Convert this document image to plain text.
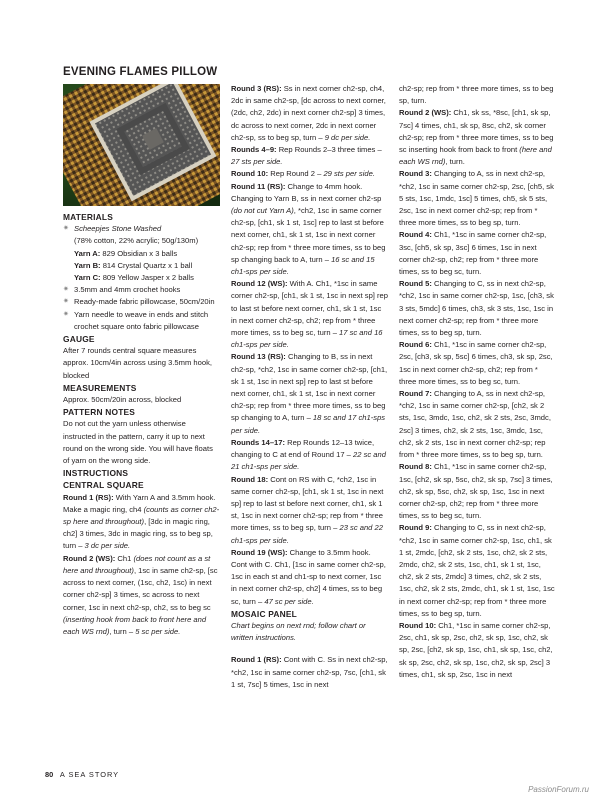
EVENING FLAMES PILLOW

MATERIALS

✷ Scheepjes Stone Washed

(78% cotton, 22% acrylic; 50g/130m)

Yarn A: 829 Obsidian x 3 balls

Yarn B: 814 Crystal Quartz x 1 ball

Yarn C: 809 Yellow Jasper x 2 balls

✷ 3.5mm and 4mm crochet hooks

✷ Ready-made fabric pillowcase, 50cm/20in

✷ Yarn needle to weave in ends and stitch crochet square onto fabric pillowcase

GAUGE

After 7 rounds central square measures approx. 10cm/4in across using 3.5mm hook, blocked

MEASUREMENTS

Approx. 50cm/20in across, blocked

PATTERN NOTES

Do not cut the yarn unless otherwise instructed in the pattern, carry it up to next round on the wrong side. You will have floats of yarn on the wrong side.

INSTRUCTIONS

CENTRAL SQUARE

Round 1 (RS): With Yarn A and 3.5mm hook. Make a magic ring, ch4 (counts as corner ch2-sp here and throughout), [3dc in magic ring, ch2] 3 times, 3dc in magic ring, ss to beg sp, turn – 3 dc per side.

Round 2 (WS): Ch1 (does not count as a st here and throughout), 1sc in same ch2-sp, [sc across to next corner, (1sc, ch2, 1sc) in next corner ch2-sp] 3 times, sc across to next corner, 1sc in next ch2-sp, ch2, ss to beg sc (inserting hook from back to front here and each WS rnd), turn – 5 sc per side.

Round 3 (RS): Ss in next corner ch2-sp, ch4, 2dc in same ch2-sp, [dc across to next corner, (2dc, ch2, 2dc) in next corner ch2-sp] 3 times, dc across to next corner, 2dc in next corner ch2-sp, ss to beg sp, turn – 9 dc per side.

Rounds 4–9: Rep Rounds 2–3 three times – 27 sts per side.

Round 10: Rep Round 2 – 29 sts per side.

Round 11 (RS): Change to 4mm hook. Changing to Yarn B, ss in next corner ch2-sp (do not cut Yarn A), *ch2, 1sc in same corner ch2-sp, [ch1, sk 1 st, 1sc] rep to last st before next corner, ch1, sk 1 st, 1sc in next corner ch2-sp; rep from * three more times, ss to beg sp changing back to A, turn – 16 sc and 15 ch1-sps per side.

Round 12 (WS): With A. Ch1, *1sc in same corner ch2-sp, [ch1, sk 1 st, 1sc in next sp] rep to last st before next corner, ch1, sk 1 st, 1sc in next corner ch2-sp, ch2; rep from * three more times, ss to beg sc, turn – 17 sc and 16 ch1-sps per side.

Round 13 (RS): Changing to B, ss in next ch2-sp, *ch2, 1sc in same corner ch2-sp, [ch1, sk 1 st, 1sc in next sp] rep to last st before next corner, ch1, sk 1 st, 1sc in next corner ch2-sp; rep from * three more times, ss to beg sp changing to A, turn – 18 sc and 17 ch1-sps per side.

Rounds 14–17: Rep Rounds 12–13 twice, changing to C at end of Round 17 – 22 sc and 21 ch1-sps per side.

Round 18: Cont on RS with C, *ch2, 1sc in same corner ch2-sp, [ch1, sk 1 st, 1sc in next sp] rep to last st before next corner, ch1, sk 1 st, 1sc in next corner ch2-sp; rep from * three more times, ss to beg sp, turn – 23 sc and 22 ch1-sps per side.

Round 19 (WS): Change to 3.5mm hook. Cont with C. Ch1, [1sc in same corner ch2-sp, 1sc in each st and ch1-sp to next corner, 1sc in next corner ch2-sp, ch2] 4 times, ss to beg sc, turn – 47 sc per side.

MOSAIC PANEL

Chart begins on next rnd; follow chart or written instructions.

Round 1 (RS): Cont with C. Ss in next ch2-sp, *ch2, 1sc in same corner ch2-sp, 7sc, [ch1, sk 1 st, 7sc] 5 times, 1sc in next

ch2-sp; rep from * three more times, ss to beg sp, turn.

Round 2 (WS): Ch1, sk ss, *8sc, [ch1, sk sp, 7sc] 4 times, ch1, sk sp, 8sc, ch2, sk corner ch2-sp; rep from * three more times, ss to beg sc inserting hook from back to front (here and each WS rnd), turn.

Round 3: Changing to A, ss in next ch2-sp, *ch2, 1sc in same corner ch2-sp, 2sc, [ch5, sk 5 sts, 1sc, 1mdc, 1sc] 5 times, ch5, sk 5 sts, 2sc, 1sc in next corner ch2-sp; rep from * three more times, ss to beg sp, turn.

Round 4: Ch1, *1sc in same corner ch2-sp, 3sc, [ch5, sk sp, 3sc] 6 times, 1sc in next corner ch2-sp, ch2; rep from * three more times, ss to beg sc, turn.

Round 5: Changing to C, ss in next ch2-sp, *ch2, 1sc in same corner ch2-sp, 1sc, [ch3, sk 3 sts, 5mdc] 6 times, ch3, sk 3 sts, 1sc, 1sc in next corner ch2-sp; rep from * three more times, ss to beg sp, turn.

Round 6: Ch1, *1sc in same corner ch2-sp, 2sc, [ch3, sk sp, 5sc] 6 times, ch3, sk sp, 2sc, 1sc in next corner ch2-sp, ch2; rep from * three more times, ss to beg sc, turn.

Round 7: Changing to A, ss in next ch2-sp, *ch2, 1sc in same corner ch2-sp, [ch2, sk 2 sts, 1sc, 3mdc, 1sc, ch2, sk 2 sts, 2sc, 3mdc, 2sc] 3 times, ch2, sk 2 sts, 1sc, 3mdc, 1sc, ch2, sk 2 sts, 1sc in next corner ch2-sp; rep from * three more times, ss to beg sp, turn.

Round 8: Ch1, *1sc in same corner ch2-sp, 1sc, [ch2, sk sp, 5sc, ch2, sk sp, 7sc] 3 times, ch2, sk sp, 5sc, ch2, sk sp, 1sc, 1sc in next corner ch2-sp, ch2; rep from * three more times, ss to beg sc, turn.

Round 9: Changing to C, ss in next ch2-sp, *ch2, 1sc in same corner ch2-sp, 1sc, ch1, sk 1 st, 2mdc, [ch2, sk 2 sts, 1sc, ch2, sk 2 sts, 2mdc, ch2, sk 2 sts, 1sc, ch1, sk 1 st, 1sc, ch2, sk 2 sts, 2mdc] 3 times, ch2, sk 2 sts, 1sc, ch2, sk 2 sts, 2mdc, ch1, sk 1 st, 1sc, 1sc in next corner ch2-sp; rep from * three more times, ss to beg sp, turn.

Round 10: Ch1, *1sc in same corner ch2-sp, 2sc, ch1, sk sp, 2sc, ch2, sk sp, 1sc, ch2, sk sp, 2sc, [ch2, sk sp, 1sc, ch1, sk sp, 1sc, ch2, sk sp, 2sc, ch2, sk sp, 1sc, ch2, sk sp, 2sc] 3 times, ch1, sk sp, 2sc, 1sc in next

80 A SEA STORY
PassionForum.ru
